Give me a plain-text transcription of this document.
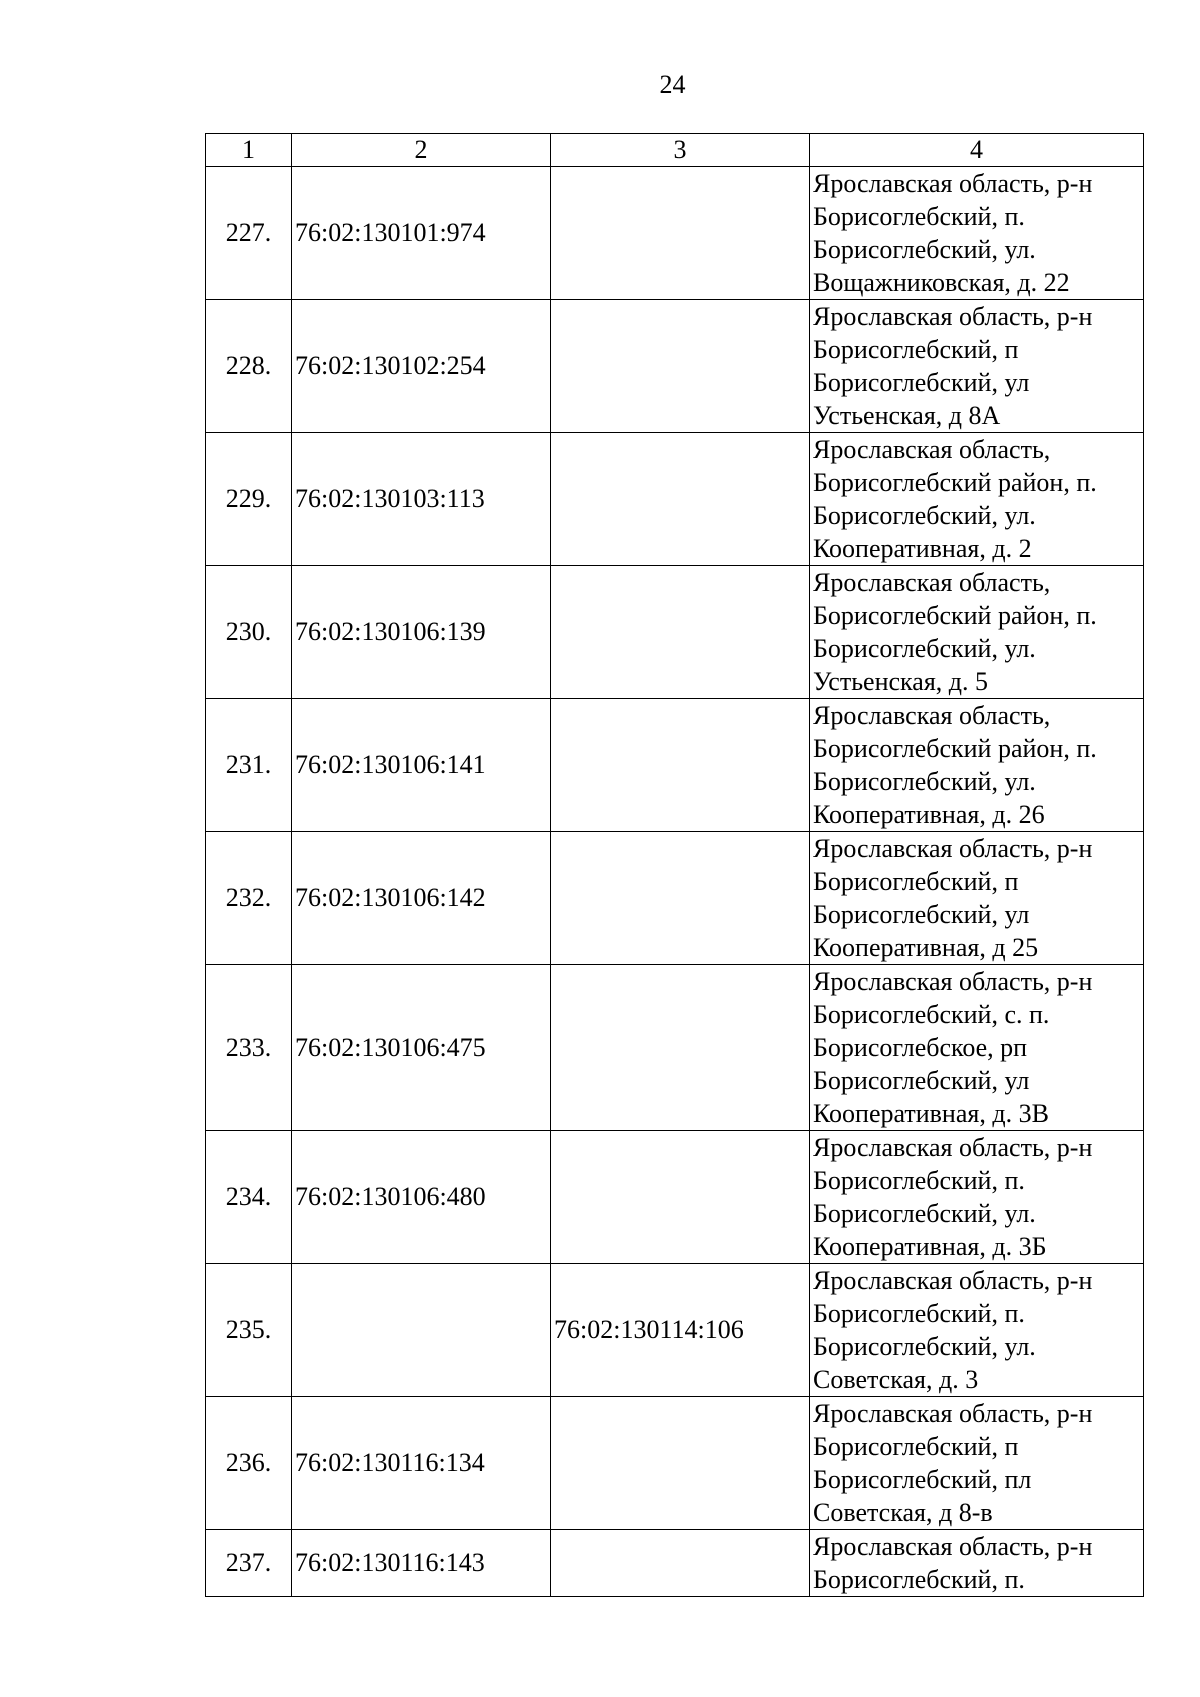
24
1	2	3	4
227.	76:02:130101:974		Ярославская область, р-н
Борисоглебский, п.
Борисоглебский, ул.
Вощажниковская, д. 22
228.	76:02:130102:254		Ярославская область, р-н
Борисоглебский, п
Борисоглебский, ул
Устьенская, д 8А
229.	76:02:130103:113		Ярославская область,
Борисоглебский район, п.
Борисоглебский, ул.
Кооперативная, д. 2
230.	76:02:130106:139		Ярославская область,
Борисоглебский район, п.
Борисоглебский, ул.
Устьенская, д. 5
231.	76:02:130106:141		Ярославская область,
Борисоглебский район, п.
Борисоглебский, ул.
Кооперативная, д. 26
232.	76:02:130106:142		Ярославская область, р-н
Борисоглебский, п
Борисоглебский, ул
Кооперативная, д 25
233.	76:02:130106:475		Ярославская область, р-н
Борисоглебский, с. п.
Борисоглебское, рп
Борисоглебский, ул
Кооперативная, д. 3В
234.	76:02:130106:480		Ярославская область, р-н
Борисоглебский, п.
Борисоглебский, ул.
Кооперативная, д. 3Б
235.		76:02:130114:106	Ярославская область, р-н
Борисоглебский, п.
Борисоглебский, ул.
Советская, д. 3
236.	76:02:130116:134		Ярославская область, р-н
Борисоглебский, п
Борисоглебский, пл
Советская, д 8-в
237.	76:02:130116:143		Ярославская область, р-н
Борисоглебский, п.
